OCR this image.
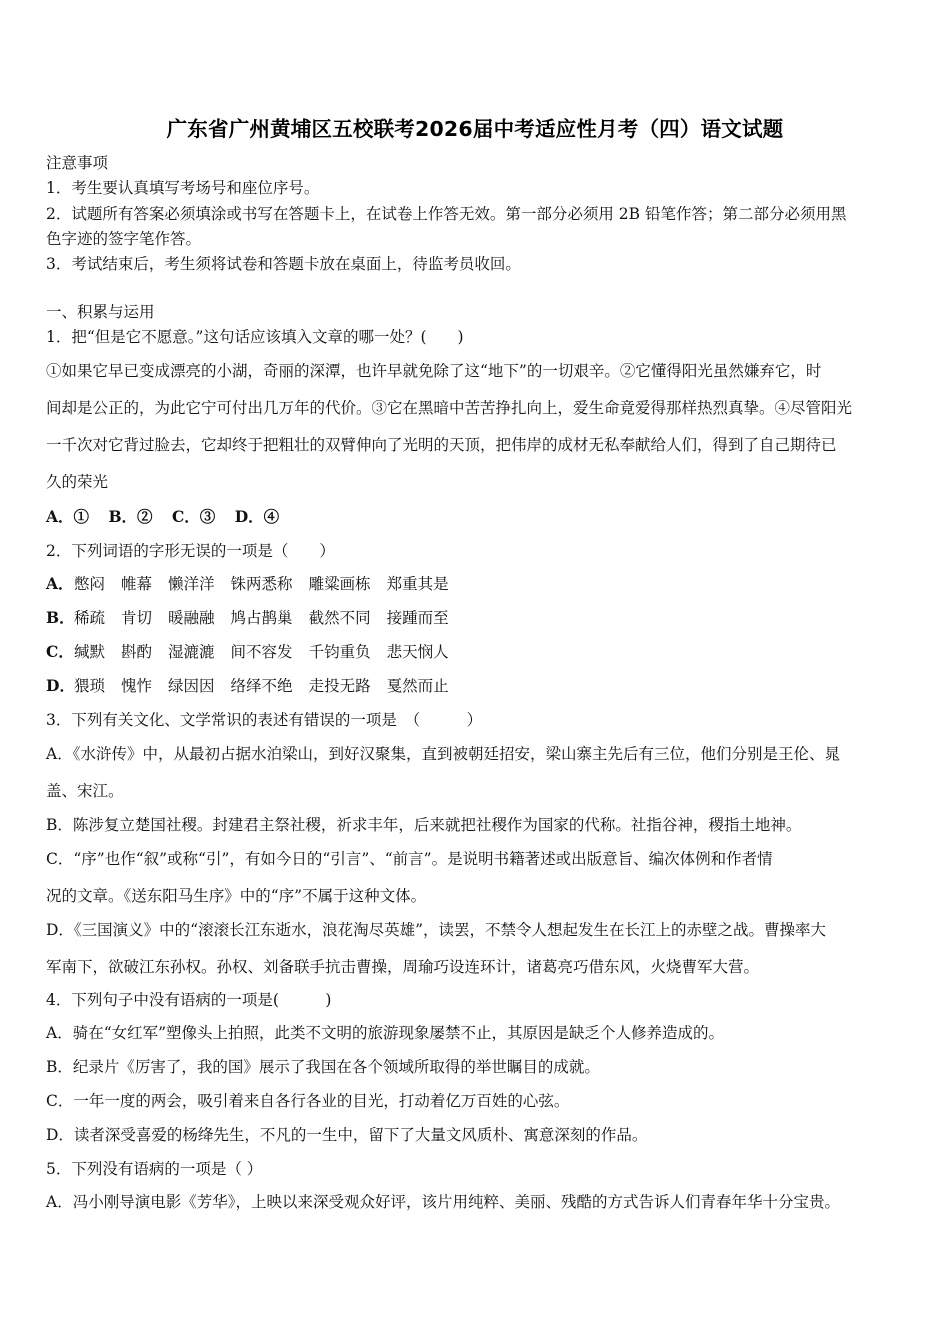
广东省广州黄埔区五校联考2026届中考适应性月考（四）语文试题
注意事项
1．考生要认真填写考场号和座位序号。
2．试题所有答案必须填涂或书写在答题卡上，在试卷上作答无效。第一部分必须用 2B 铅笔作答；第二部分必须用黑
色字迹的签字笔作答。
3．考试结束后，考生须将试卷和答题卡放在桌面上，待监考员收回。
一、积累与运用
1．把“但是它不愿意。”这句话应该填入文章的哪一处？(　　)
①如果它早已变成漂亮的小湖，奇丽的深潭，也许早就免除了这“地下”的一切艰辛。②它懂得阳光虽然嫌弃它，时
间却是公正的，为此它宁可付出几万年的代价。③它在黑暗中苦苦挣扎向上，爱生命竟爱得那样热烈真挚。④尽管阳光
一千次对它背过脸去，它却终于把粗壮的双臂伸向了光明的天顶，把伟岸的成材无私奉献给人们，得到了自己期待已
久的荣光
A．① B．② C．③ D．④
2．下列词语的字形无误的一项是（　　）
A．憋闷 帷幕 懒洋洋 铢两悉称 雕粱画栋 郑重其是
B．稀疏 肯切 暖融融 鸠占鹊巢 截然不同 接踵而至
C．缄默 斟酌 湿漉漉 间不容发 千钧重负 悲天悯人
D．猥琐 愧怍 绿因因 络绎不绝 走投无路 戛然而止
3．下列有关文化、文学常识的表述有错误的一项是　（　　　）
A．《水浒传》中，从最初占据水泊梁山，到好汉聚集，直到被朝廷招安，梁山寨主先后有三位，他们分别是王伦、晁
盖、宋江。
B．陈涉复立楚国社稷。封建君主祭社稷，祈求丰年，后来就把社稷作为国家的代称。社指谷神，稷指土地神。
C．“序”也作“叙”或称“引”，有如今日的“引言”、“前言”。是说明书籍著述或出版意旨、编次体例和作者情
况的文章。《送东阳马生序》中的“序”不属于这种文体。
D．《三国演义》中的“滚滚长江东逝水，浪花淘尽英雄”，读罢，不禁令人想起发生在长江上的赤壁之战。曹操率大
军南下，欲破江东孙权。孙权、刘备联手抗击曹操，周瑜巧设连环计，诸葛亮巧借东风，火烧曹军大营。
4．下列句子中没有语病的一项是(　　　)
A．骑在“女红军”塑像头上拍照，此类不文明的旅游现象屡禁不止，其原因是缺乏个人修养造成的。
B．纪录片《厉害了，我的国》展示了我国在各个领域所取得的举世瞩目的成就。
C．一年一度的两会，吸引着来自各行各业的目光，打动着亿万百姓的心弦。
D．读者深受喜爱的杨绛先生，不凡的一生中，留下了大量文风质朴、寓意深刻的作品。
5．下列没有语病的一项是（ ）
A．冯小刚导演电影《芳华》，上映以来深受观众好评，该片用纯粹、美丽、残酷的方式告诉人们青春年华十分宝贵。
